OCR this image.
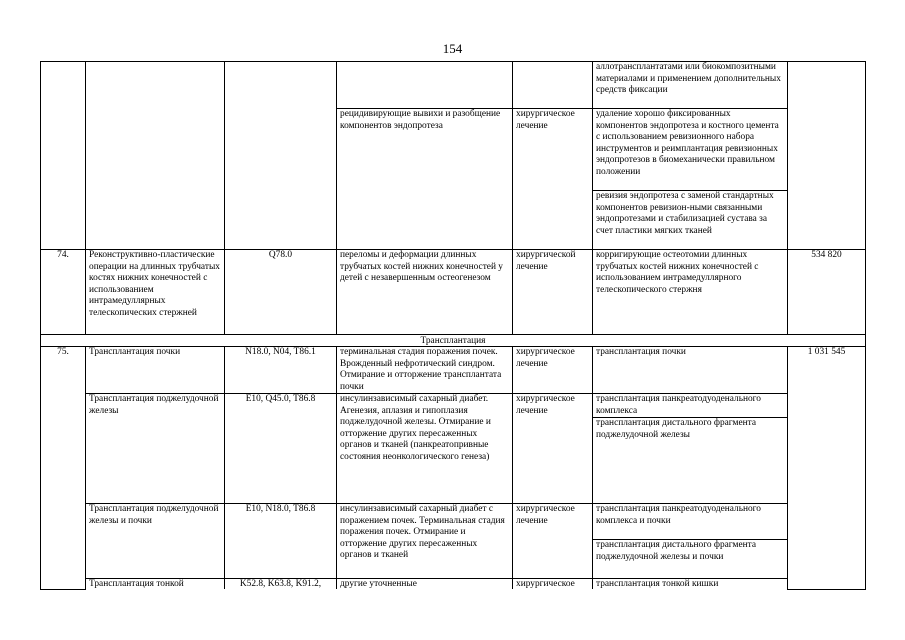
154
					аллотрансплантатами или биокомпозитными материалами и применением дополнительных средств фиксации	
			рецидивирующие вывихи и разобщение компонентов эндопротеза	хирургическое лечение	удаление хорошо фиксированных компонентов эндопротеза и костного цемента с использованием ревизионного набора инструментов и реимплантация ревизионных эндопротезов в биомеханически правильном положении	
					ревизия эндопротеза с заменой стандартных компонентов ревизион-ными связанными эндопротезами и стабилизацией сустава за счет пластики мягких тканей	
74.	Реконструктивно-пластические операции на длинных трубчатых костях нижних конечностей с использованием интрамедуллярных телескопических стержней	Q78.0	переломы и деформации длинных трубчатых костей нижних конечностей у детей с незавершенным остеогенезом	хирургической лечение	корригирующие остеотомии длинных трубчатых костей нижних конечностей с использованием интрамедуллярного телескопического стержня	534 820
Трансплантация						
75.	Трансплантация почки	N18.0, N04, T86.1	терминальная стадия поражения почек. Врожденный нефротический синдром. Отмирание и отторжение трансплантата почки	хирургическое лечение	трансплантация почки	1 031 545
	Трансплантация поджелудочной железы	E10, Q45.0, T86.8	инсулинзависимый сахарный диабет. Агенезия, аплазия и гипоплазия поджелудочной железы. Отмирание и отторжение других пересаженных органов и тканей (панкреатопривные состояния неонкологического генеза)	хирургическое лечение	трансплантация панкреатодуоденального комплекса	
					трансплантация дистального фрагмента поджелудочной железы	
	Трансплантация поджелудочной железы и почки	E10, N18.0, T86.8	инсулинзависимый сахарный диабет с поражением почек. Терминальная стадия поражения почек. Отмирание и отторжение других пересаженных органов и тканей	хирургическое лечение	трансплантация панкреатодуоденального комплекса и почки	
					трансплантация дистального фрагмента поджелудочной железы и почки	
	Трансплантация тонкой	K52.8, K63.8, K91.2,	другие уточненные	хирургическое	трансплантация тонкой кишки	
